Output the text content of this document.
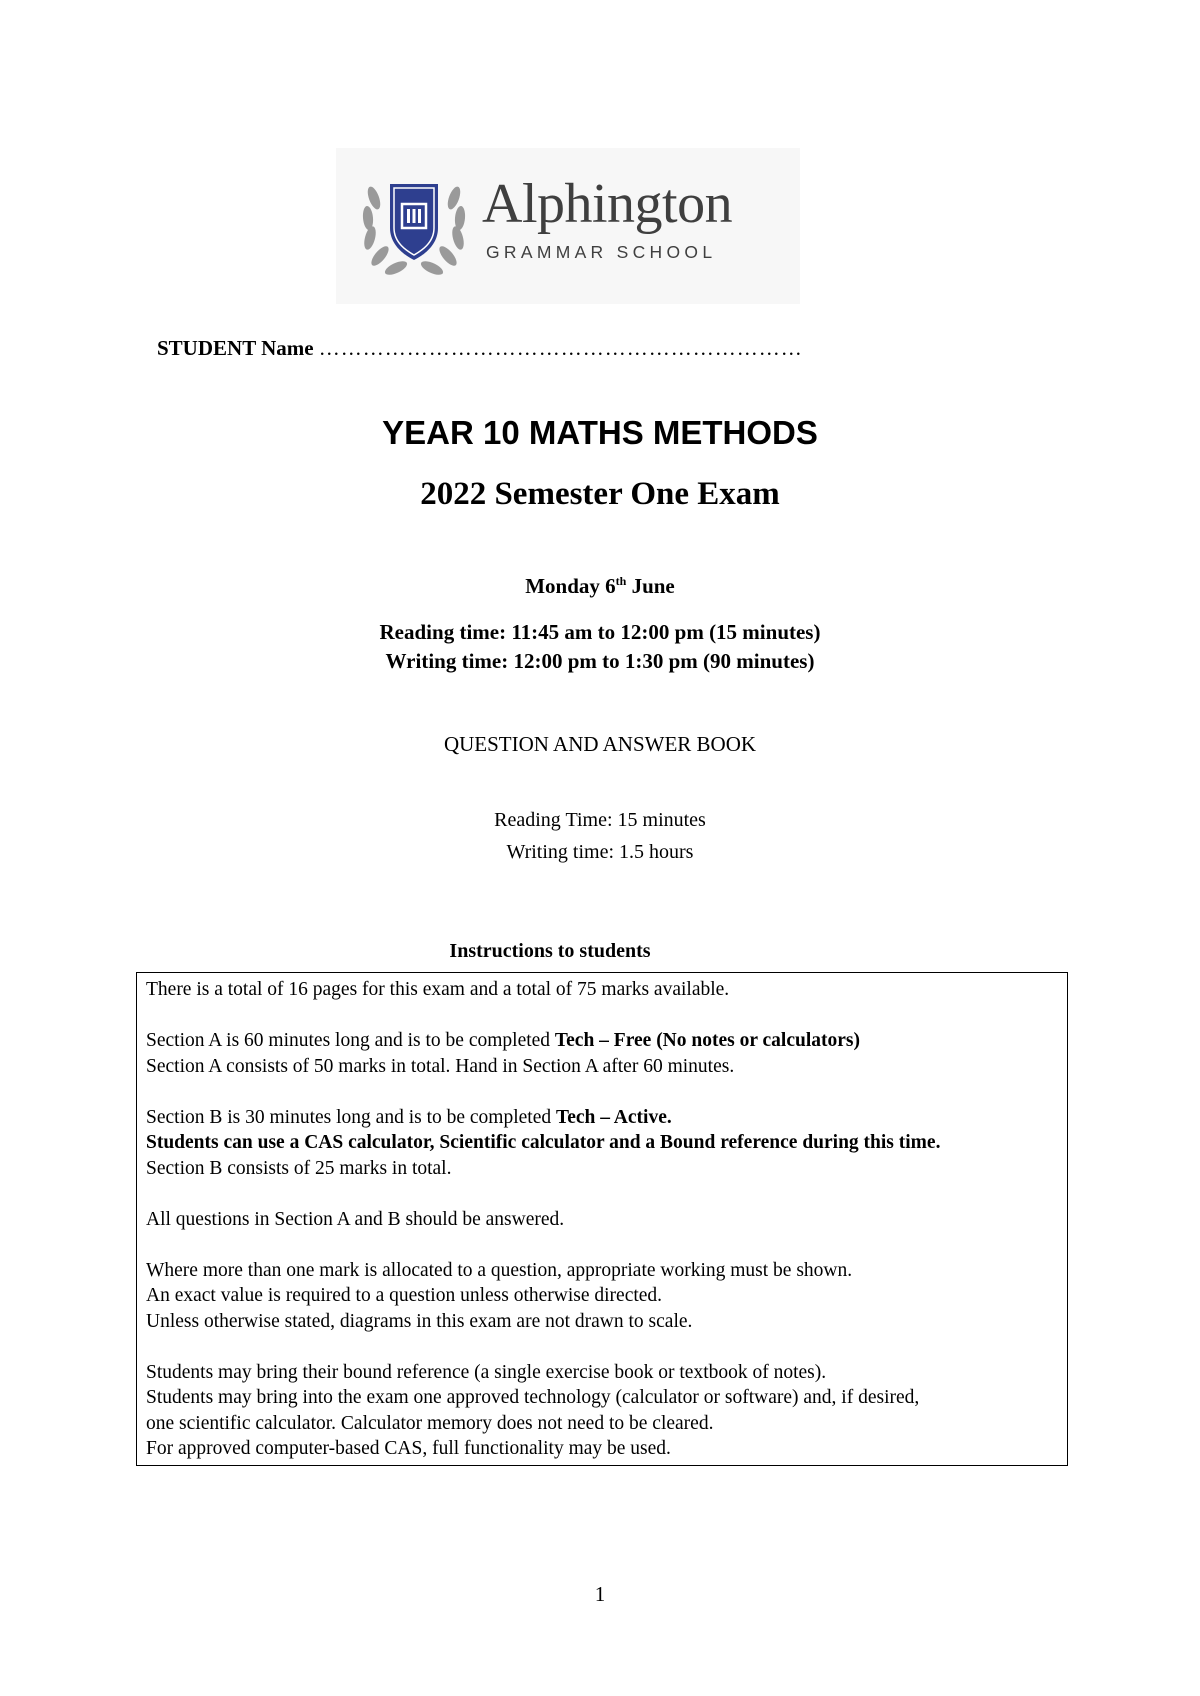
Alphington
GRAMMAR SCHOOL
STUDENT Name …………………………………………………………
YEAR 10 MATHS METHODS
2022 Semester One Exam
Monday 6th June
Reading time: 11:45 am to 12:00 pm (15 minutes)
Writing time: 12:00 pm to 1:30 pm (90 minutes)
QUESTION AND ANSWER BOOK
Reading Time: 15 minutes
Writing time: 1.5 hours
Instructions to students

There is a total of 16 pages for this exam and a total of 75 marks available.

Section A is 60 minutes long and is to be completed Tech – Free (No notes or calculators)

Section A consists of 50 marks in total. Hand in Section A after 60 minutes.

Section B is 30 minutes long and is to be completed Tech – Active.

Students can use a CAS calculator, Scientific calculator and a Bound reference during this time.

Section B consists of 25 marks in total.

All questions in Section A and B should be answered.

Where more than one mark is allocated to a question, appropriate working must be shown.

An exact value is required to a question unless otherwise directed.

Unless otherwise stated, diagrams in this exam are not drawn to scale.

Students may bring their bound reference (a single exercise book or textbook of notes).

Students may bring into the exam one approved technology (calculator or software) and, if desired,

one scientific calculator. Calculator memory does not need to be cleared.

For approved computer-based CAS, full functionality may be used.

1
